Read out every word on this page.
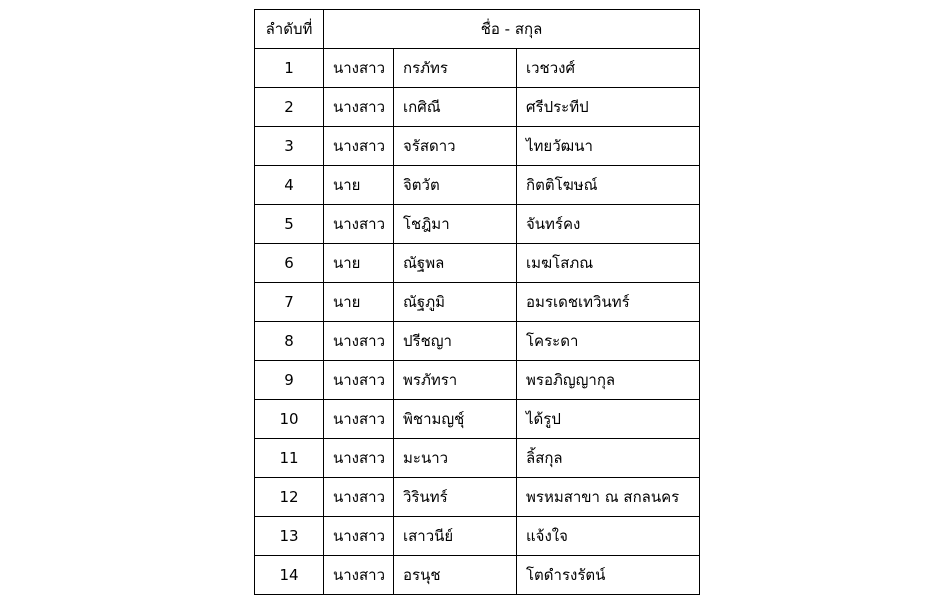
ลำดับที่	ชื่อ - สกุล		
1	นางสาว	กรภัทร	เวชวงศ์
2	นางสาว	เกศิณี	ศรีประทีป
3	นางสาว	จรัสดาว	ไทยวัฒนา
4	นาย	จิตวัต	กิตติโฆษณ์
5	นางสาว	โชฎิมา	จันทร์คง
6	นาย	ณัฐพล	เมฆโสภณ
7	นาย	ณัฐภูมิ	อมรเดชเทวินทร์
8	นางสาว	ปรีชญา	โคระดา
9	นางสาว	พรภัทรา	พรอภิญญากุล
10	นางสาว	พิชามญชุ์	ได้รูป
11	นางสาว	มะนาว	ลิ้สกุล
12	นางสาว	วิรินทร์	พรหมสาขา ณ สกลนคร
13	นางสาว	เสาวนีย์	แจ้งใจ
14	นางสาว	อรนุช	โตดำรงรัตน์
